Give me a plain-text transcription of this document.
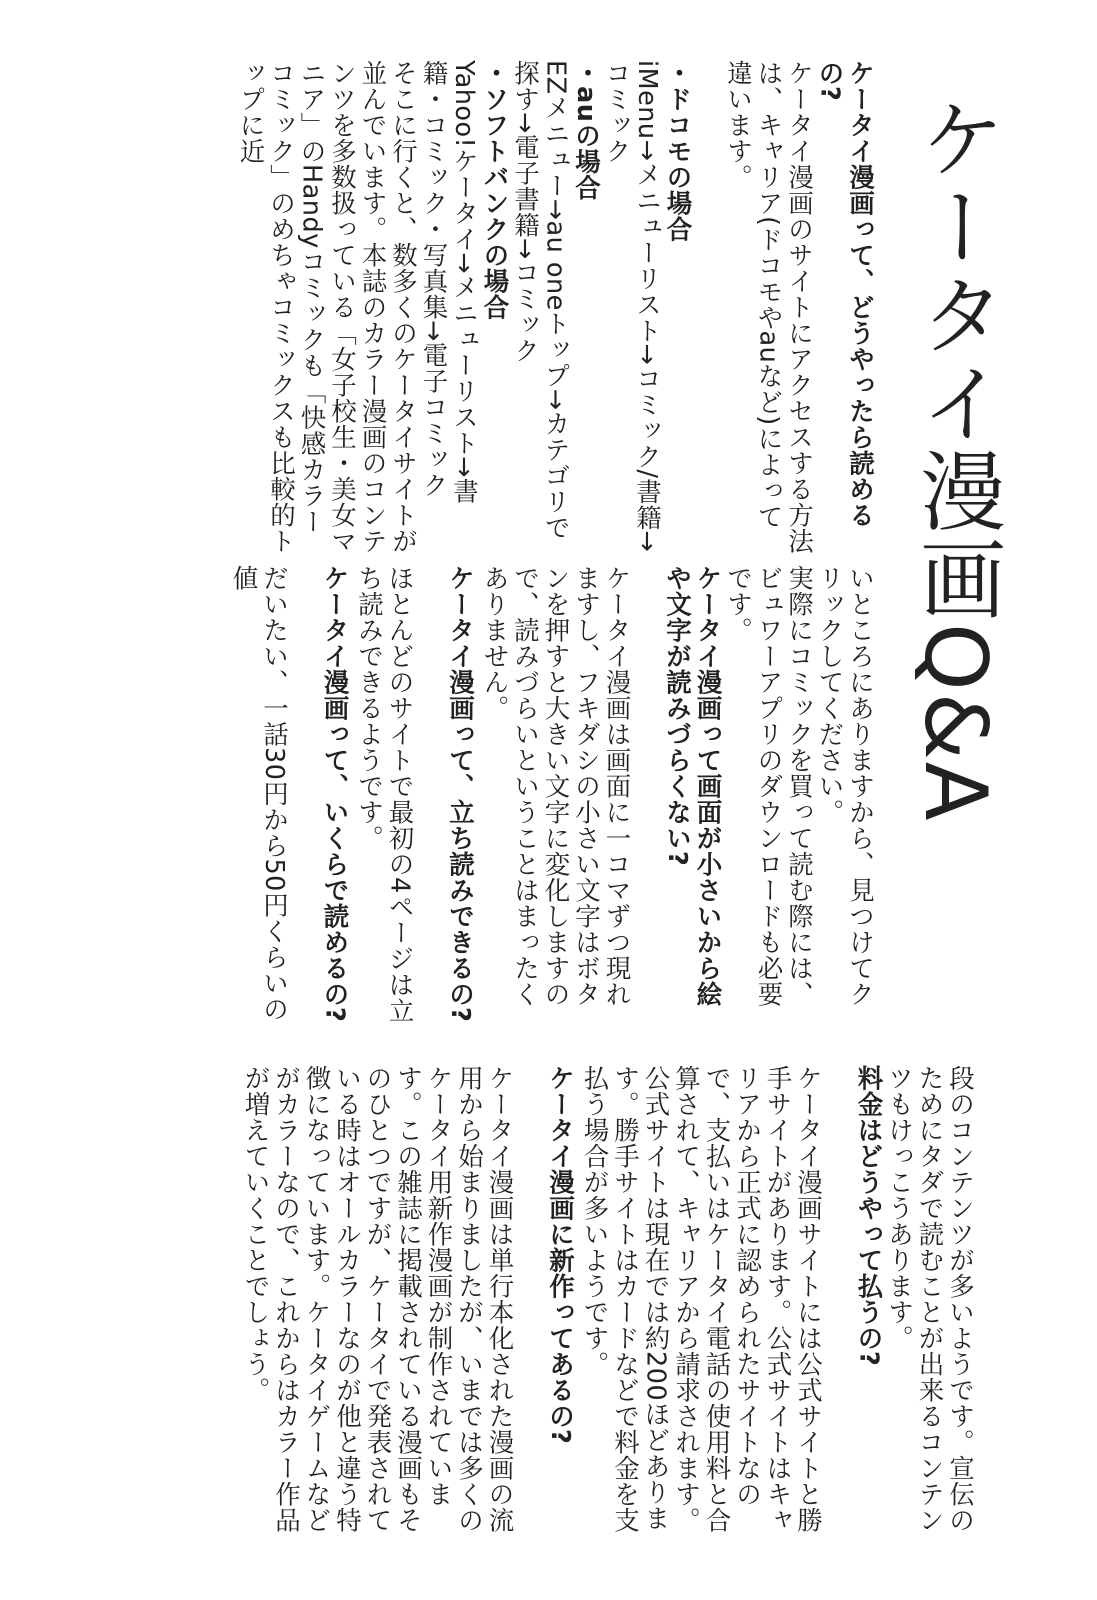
ケータイ漫画Q&A

ケータイ漫画って、どうやったら読めるの?

ケータイ漫画のサイトにアクセスする方法は、キャリア(ドコモやauなど)によって違います。

・ドコモの場合

iMenu→メニューリスト→コミック/書籍→コミック

・auの場合

EZメニュー→au oneトップ→カテゴリで探す→電子書籍→コミック

・ソフトバンクの場合

Yahoo!ケータイ→メニューリスト→書籍・コミック・写真集→電子コミック

そこに行くと、数多くのケータイサイトが並んでいます。本誌のカラー漫画のコンテンツを多数扱っている「女子校生・美女マニア」のHandyコミックも「快感カラーコミック」のめちゃコミックスも比較的トップに近

いところにありますから、見つけてクリックしてください。

実際にコミックを買って読む際には、ビュワーアプリのダウンロードも必要です。

ケータイ漫画って画面が小さいから絵や文字が読みづらくない?

ケータイ漫画は画面に一コマずつ現れますし、フキダシの小さい文字はボタンを押すと大きい文字に変化しますので、読みづらいということはまったくありません。

ケータイ漫画って、立ち読みできるの?

ほとんどのサイトで最初の4ページは立ち読みできるようです。

ケータイ漫画って、いくらで読めるの?

だいたい、一話30円から50円くらいの値

段のコンテンツが多いようです。宣伝のためにタダで読むことが出来るコンテンツもけっこうあります。

料金はどうやって払うの?

ケータイ漫画サイトには公式サイトと勝手サイトがあります。公式サイトはキャリアから正式に認められたサイトなので、支払いはケータイ電話の使用料と合算されて、キャリアから請求されます。公式サイトは現在では約200ほどあります。勝手サイトはカードなどで料金を支払う場合が多いようです。

ケータイ漫画に新作ってあるの?

ケータイ漫画は単行本化された漫画の流用から始まりましたが、いまでは多くのケータイ用新作漫画が制作されています。この雑誌に掲載されている漫画もそのひとつですが、ケータイで発表されている時はオールカラーなのが他と違う特徴になっています。ケータイゲームなどがカラーなので、これからはカラー作品が増えていくことでしょう。
